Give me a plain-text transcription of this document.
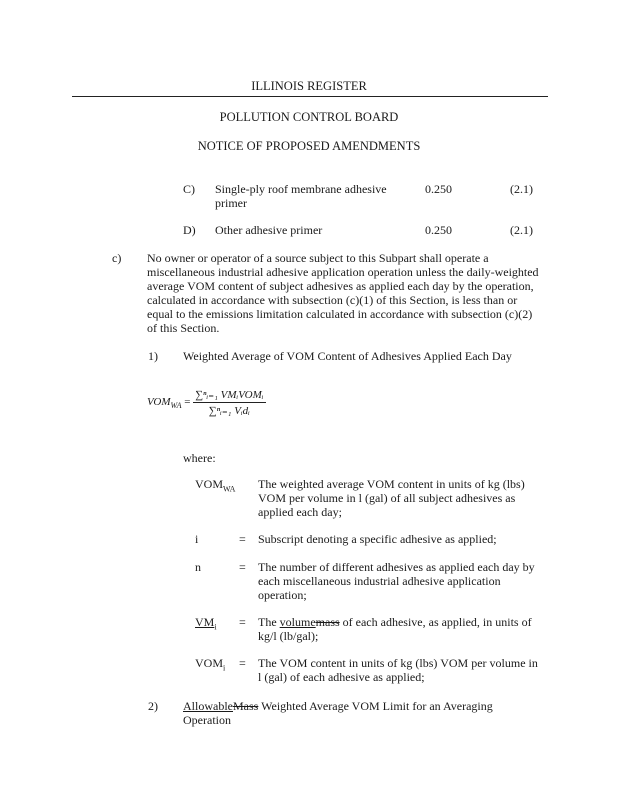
ILLINOIS REGISTER
POLLUTION CONTROL BOARD
NOTICE OF PROPOSED AMENDMENTS
C) Single-ply roof membrane adhesive
primer
0.250	(2.1)
D) Other adhesive primer	0.250	(2.1)
c) No owner or operator of a source subject to this Subpart shall operate a
miscellaneous industrial adhesive application operation unless the daily-weighted
average VOM content of subject adhesives as applied each day by the operation,
calculated in accordance with subsection (c)(1) of this Section, is less than or
equal to the emissions limitation calculated in accordance with subsection (c)(2)
of this Section.
1) Weighted Average of VOM Content of Adhesives Applied Each Day
$VOM_{WA} = \frac{\text{∑ⁿᵢ₌₁ VMᵢVOMᵢ}}{\text{∑ⁿᵢ₌₁ Vᵢdᵢ}}$
where:
$VOM_{WA}$ The weighted average VOM content in units of kg (lbs)
VOM per volume in l (gal) of all subject adhesives as
applied each day;
i	= Subscript denoting a specific adhesive as applied;
n	= The number of different adhesives as applied each day by
each miscellaneous industrial adhesive application
operation;
$VM_i$ = The volumemass of each adhesive, as applied, in units of
kg/l (lb/gal);
$VOM_i$ = The VOM content in units of kg (lbs) VOM per volume in
l (gal) of each adhesive as applied;
2) AllowableMass Weighted Average VOM Limit for an Averaging
Operation
